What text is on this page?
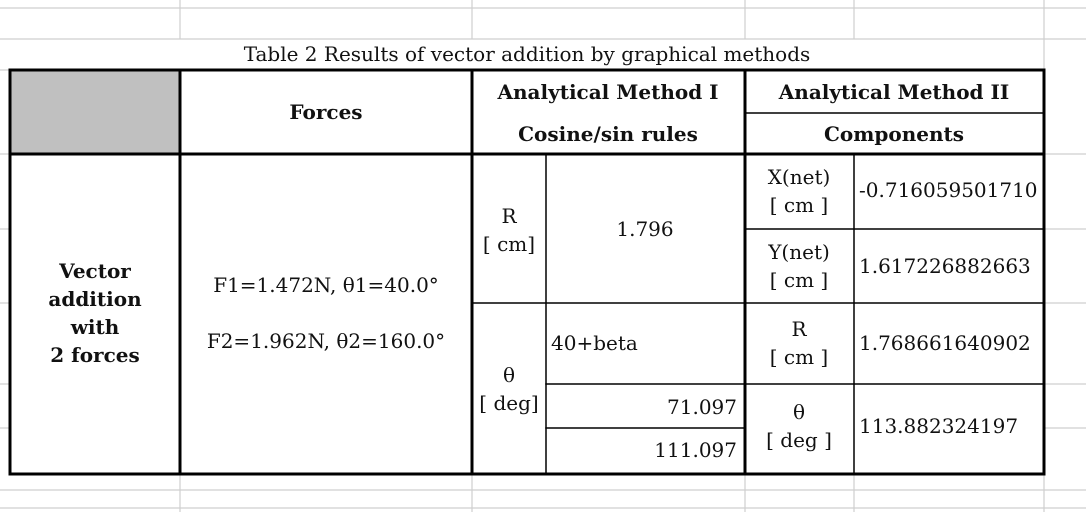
Table 2 Results of vector addition by graphical methods
Forces
Analytical Method I
Cosine/sin rules
Analytical Method II
Components
Vector
addition
with
2 forces
F1=1.472N, θ1=40.0°
F2=1.962N, θ2=160.0°
R
[ cm]
1.796
θ
[ deg]
40+beta
71.097
111.097
X(net)
[ cm ]
-0.716059501710
Y(net)
[ cm ]
1.617226882663
R
[ cm ]
1.768661640902
θ
[ deg ]
113.882324197
